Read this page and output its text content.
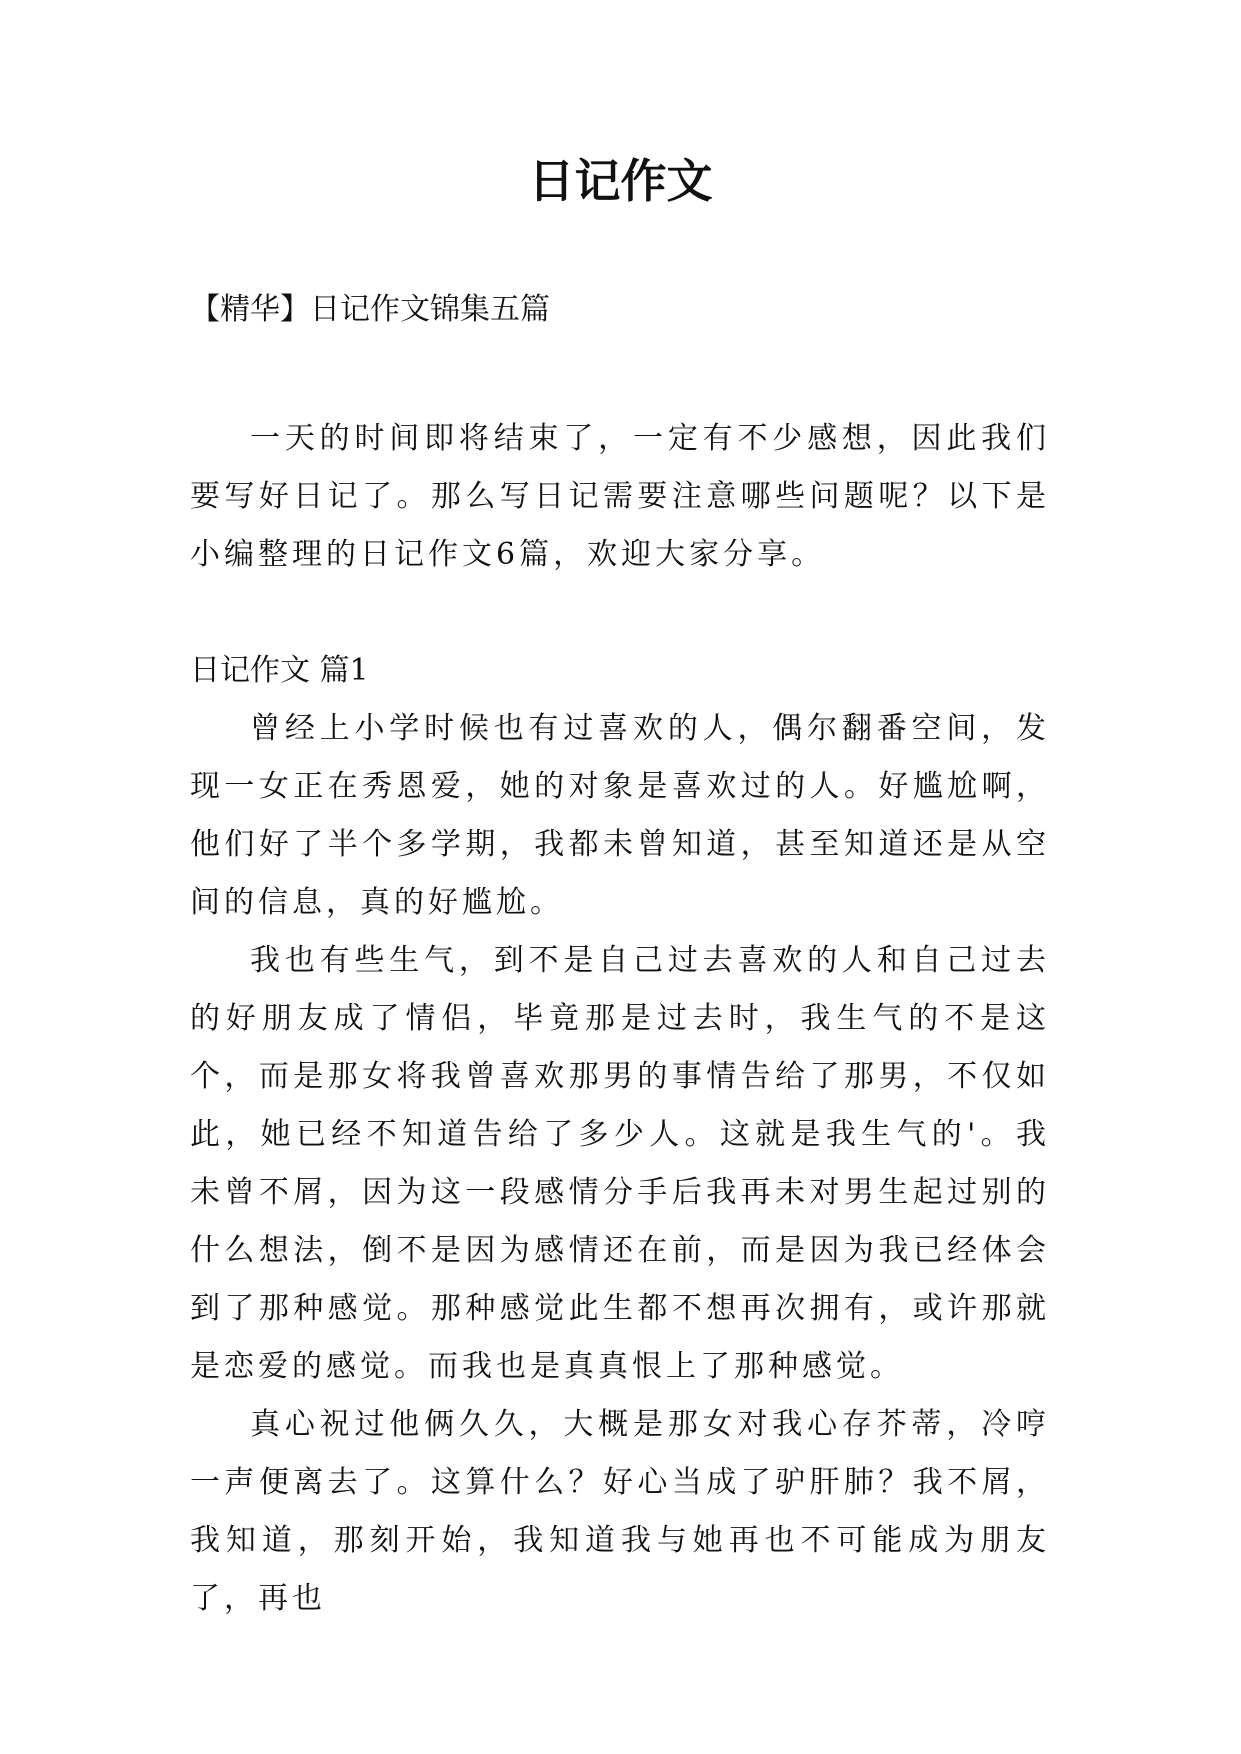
日记作文

【精华】日记作文锦集五篇

一天的时间即将结束了，一定有不少感想，因此我们要写好日记了。那么写日记需要注意哪些问题呢？以下是小编整理的日记作文6篇，欢迎大家分享。

日记作文 篇1

曾经上小学时候也有过喜欢的人，偶尔翻番空间，发现一女正在秀恩爱，她的对象是喜欢过的人。好尴尬啊，他们好了半个多学期，我都未曾知道，甚至知道还是从空间的信息，真的好尴尬。

我也有些生气，到不是自己过去喜欢的人和自己过去的好朋友成了情侣，毕竟那是过去时，我生气的不是这个，而是那女将我曾喜欢那男的事情告给了那男，不仅如此，她已经不知道告给了多少人。这就是我生气的'。我未曾不屑，因为这一段感情分手后我再未对男生起过别的什么想法，倒不是因为感情还在前，而是因为我已经体会到了那种感觉。那种感觉此生都不想再次拥有，或许那就是恋爱的感觉。而我也是真真恨上了那种感觉。

真心祝过他俩久久，大概是那女对我心存芥蒂，冷哼一声便离去了。这算什么？好心当成了驴肝肺？我不屑，我知道，那刻开始，我知道我与她再也不可能成为朋友了，再也
